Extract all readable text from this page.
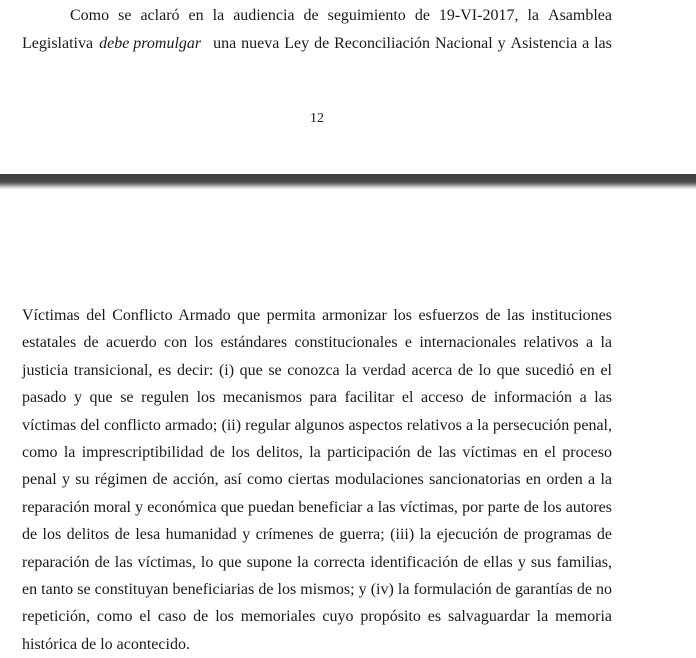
Como se aclaró en la audiencia de seguimiento de 19-VI-2017, la Asamblea
Legislativa debe promulgar una nueva Ley de Reconciliación Nacional y Asistencia a las
12

Víctimas del Conflicto Armado que permita armonizar los esfuerzos de las instituciones estatales de acuerdo con los estándares constitucionales e internacionales relativos a la justicia transicional, es decir: (i) que se conozca la verdad acerca de lo que sucedió en el pasado y que se regulen los mecanismos para facilitar el acceso de información a las víctimas del conflicto armado; (ii) regular algunos aspectos relativos a la persecución penal, como la imprescriptibilidad de los delitos, la participación de las víctimas en el proceso penal y su régimen de acción, así como ciertas modulaciones sancionatorias en orden a la reparación moral y económica que puedan beneficiar a las víctimas, por parte de los autores de los delitos de lesa humanidad y crímenes de guerra; (iii) la ejecución de programas de reparación de las víctimas, lo que supone la correcta identificación de ellas y sus familias, en tanto se constituyan beneficiarias de los mismos; y (iv) la formulación de garantías de no repetición, como el caso de los memoriales cuyo propósito es salvaguardar la memoria histórica de lo acontecido.
